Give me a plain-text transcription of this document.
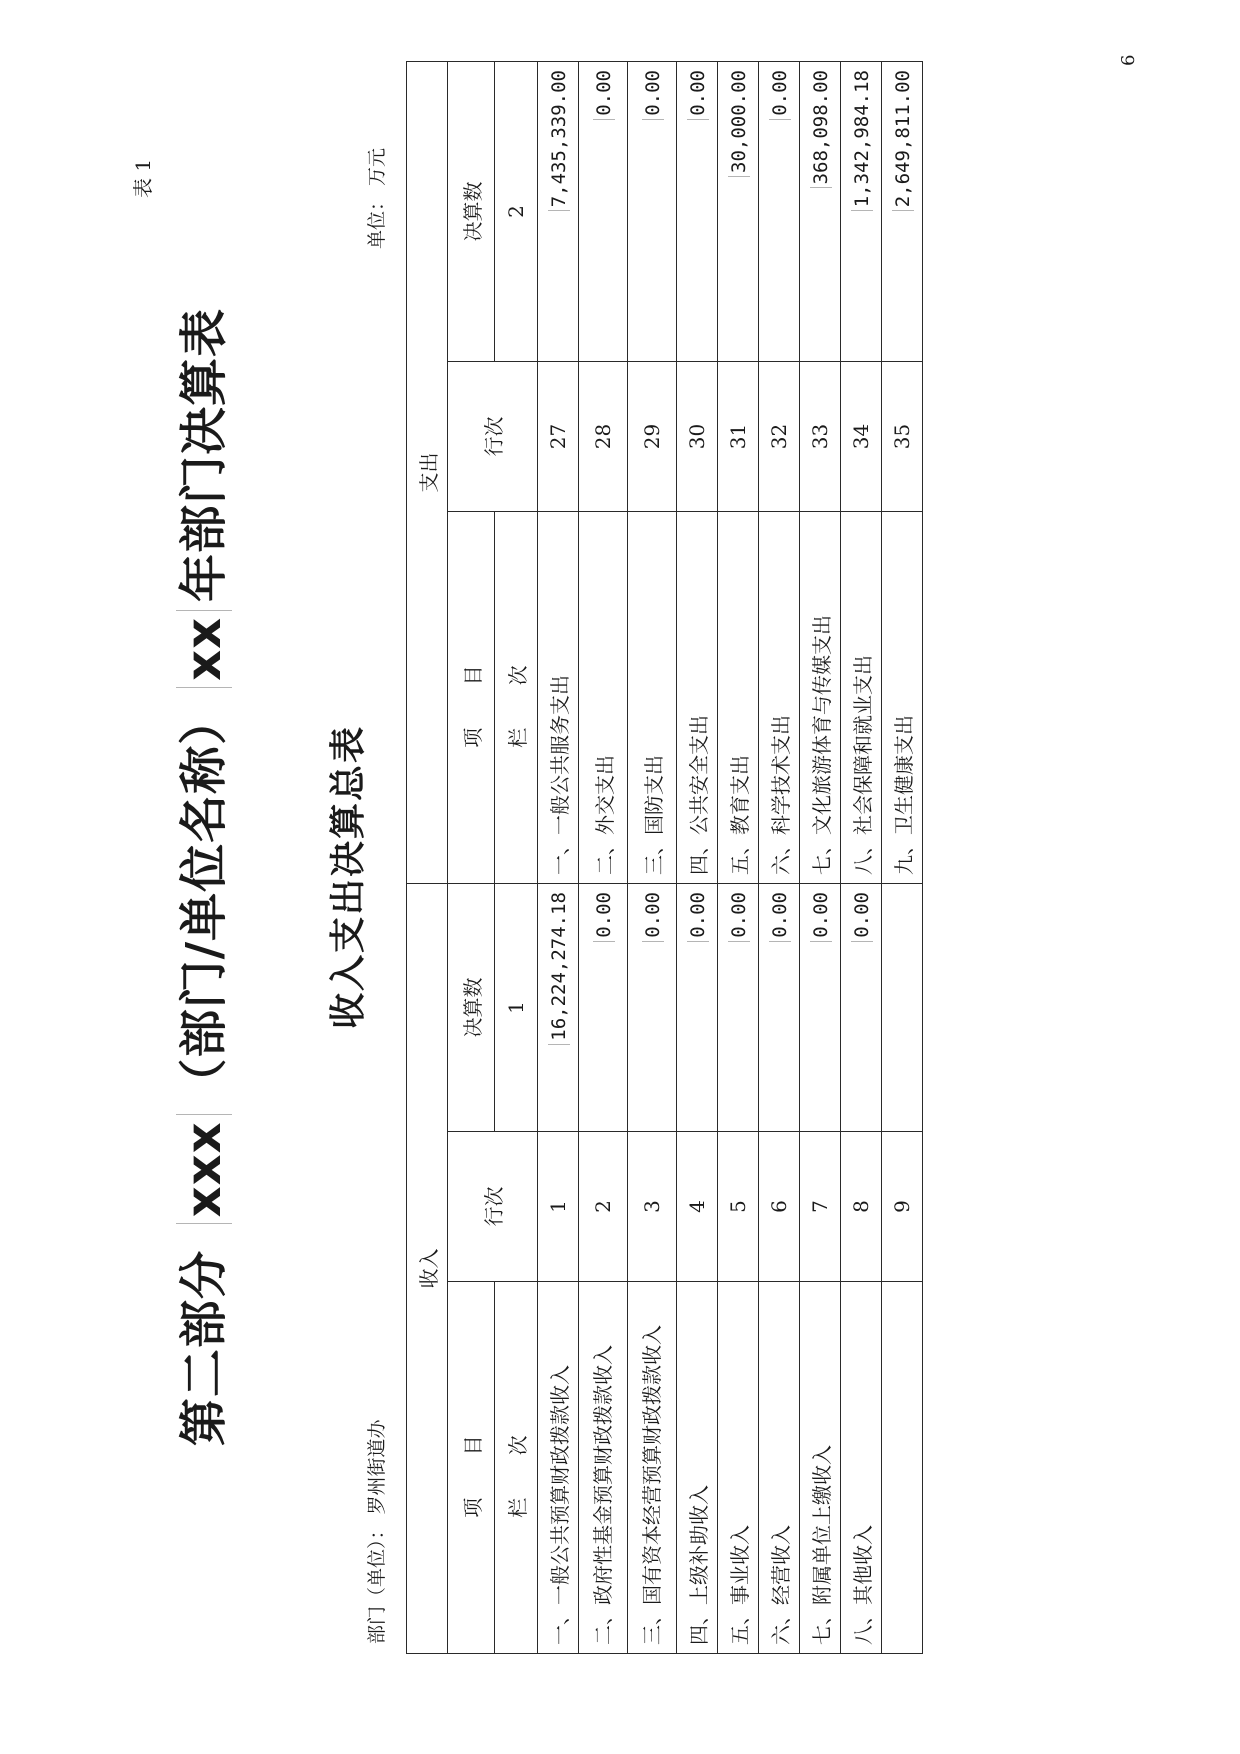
第二部分 xxx（部门/单位名称）xx年部门决算表
表 1
收入支出决算总表
部门（单位）： 罗州街道办
单位： 万元
6
收入			支出		
项 目	行次	决算数	项 目	行次	决算数
栏 次		1	栏 次		2
一、一般公共预算财政拨款收入	1	16,224,274.18	一、一般公共服务支出	27	7,435,339.00
二、政府性基金预算财政拨款收入	2	0.00	二、外交支出	28	0.00
三、国有资本经营预算财政拨款收入	3	0.00	三、国防支出	29	0.00
四、上级补助收入	4	0.00	四、公共安全支出	30	0.00
五、事业收入	5	0.00	五、教育支出	31	30,000.00
六、经营收入	6	0.00	六、科学技术支出	32	0.00
七、附属单位上缴收入	7	0.00	七、文化旅游体育与传媒支出	33	368,098.00
八、其他收入	8	0.00	八、社会保障和就业支出	34	1,342,984.18
	9		九、卫生健康支出	35	2,649,811.00
